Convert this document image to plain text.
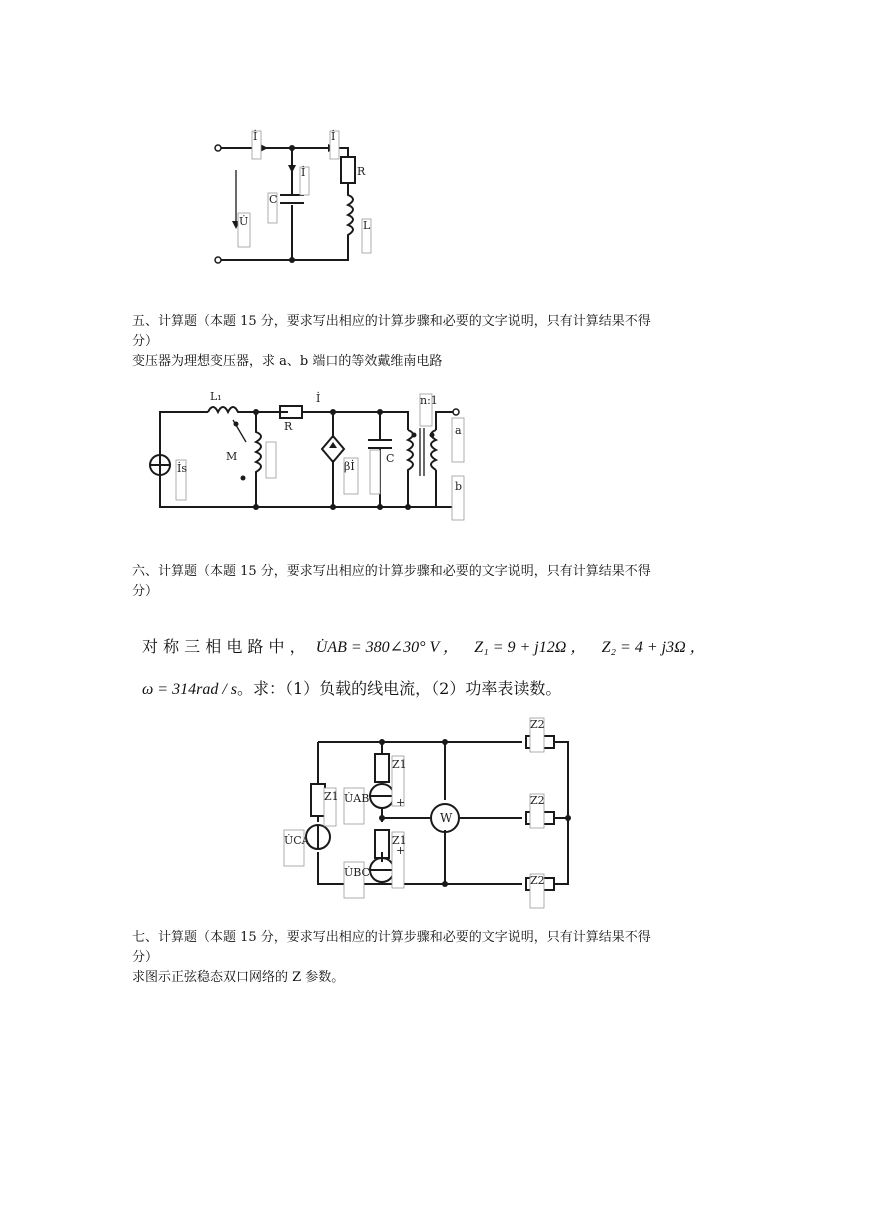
İ	İ
İ
C
R
U̇	L
五、计算题（本题 15 分，要求写出相应的计算步骤和必要的文字说明，只有计算结果不得
分）
变压器为理想变压器，求 a、b 端口的等效戴维南电路
L₁
M
R
İ
İs	βİ
C
n:1
a
b
六、计算题（本题 15 分，要求写出相应的计算步骤和必要的文字说明，只有计算结果不得
分）
对 称 三 相 电 路 中 ， U̇AB = 380∠30° V ， Z₁ = 9 + j12Ω ， Z₂ = 4 + j3Ω ，
ω = 314rad / s。求：（1）负载的线电流，（2）功率表读数。
W
Z2
Z2
Z2
Z1
Z1
Z1
U̇AB
U̇CA
U̇BC
+
+
七、计算题（本题 15 分，要求写出相应的计算步骤和必要的文字说明，只有计算结果不得
分）
求图示正弦稳态双口网络的 Z 参数。
